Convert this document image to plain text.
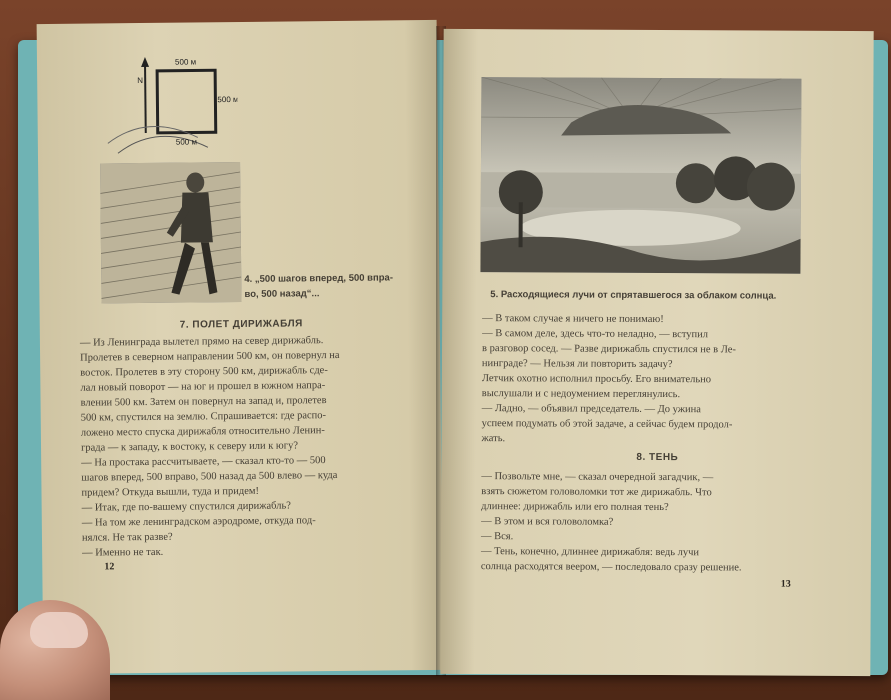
500 м
500 м
500 м
N
4. „500 шагов вперед, 500 впра-
во, 500 назад“...
7. ПОЛЕТ ДИРИЖАБЛЯ
— Из Ленинграда вылетел прямо на север дирижабль.
Пролетев в северном направлении 500 км, он повернул на
восток. Пролетев в эту сторону 500 км, дирижабль сде-
лал новый поворот — на юг и прошел в южном напра-
влении 500 км. Затем он повернул на запад и, пролетев
500 км, спустился на землю. Спрашивается: где распо-
ложено место спуска дирижабля относительно Ленин-
града — к западу, к востоку, к северу или к югу?
— На простака рассчитываете, — сказал кто-то — 500
шагов вперед, 500 вправо, 500 назад да 500 влево — куда
придем? Откуда вышли, туда и придем!
— Итак, где по-вашему спустился дирижабль?
— На том же ленинградском аэродроме, откуда под-
нялся. Не так разве?
— Именно не так.
12
5. Расходящиеся лучи от спрятавшегося за облаком солнца.
— В таком случае я ничего не понимаю!
— В самом деле, здесь что-то неладно, — вступил
в разговор сосед. — Разве дирижабль спустился не в Ле-
нинграде? — Нельзя ли повторить задачу?
Летчик охотно исполнил просьбу. Его внимательно
выслушали и с недоумением переглянулись.
— Ладно, — объявил председатель. — До ужина
успеем подумать об этой задаче, а сейчас будем продол-
жать.
8. ТЕНЬ
— Позвольте мне, — сказал очередной загадчик, —
взять сюжетом головоломки тот же дирижабль. Что
длиннее: дирижабль или его полная тень?
— В этом и вся головоломка?
— Вся.
— Тень, конечно, длиннее дирижабля: ведь лучи
солнца расходятся веером, — последовало сразу решение.
13
